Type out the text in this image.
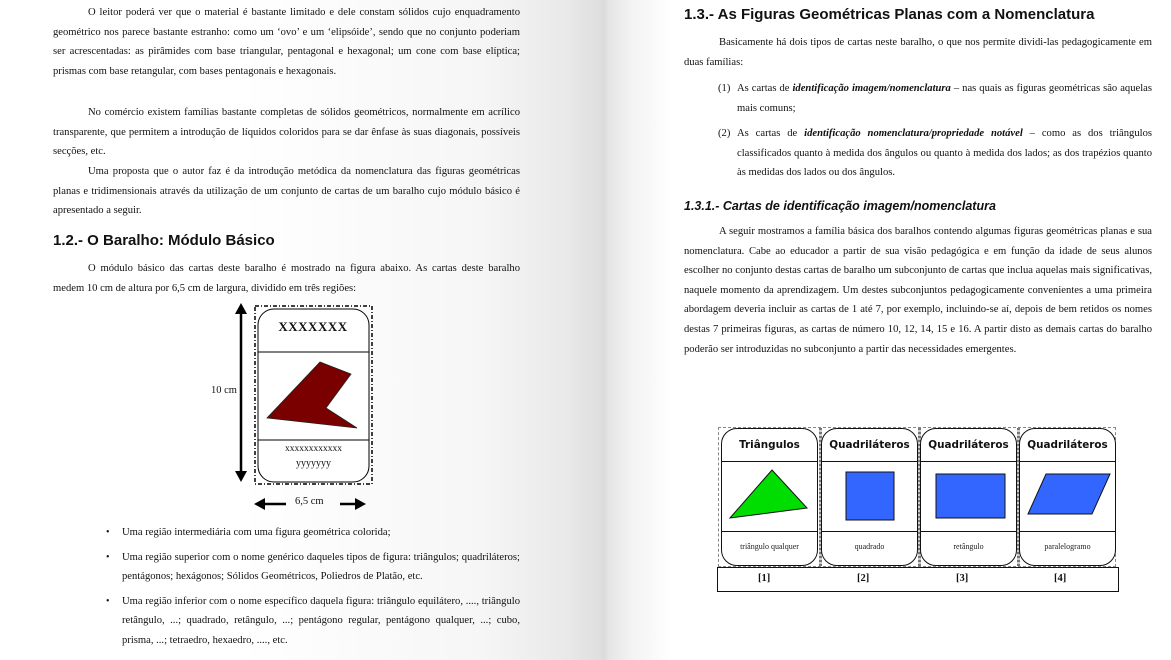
O leitor poderá ver que o material é bastante limitado e dele constam sólidos cujo enquadramento geométrico nos parece bastante estranho: como um ‘ovo’ e um ‘elipsóide’, sendo que no conjunto poderiam ser acrescentadas: as pirâmides com base triangular, pentagonal e hexagonal; um cone com base elíptica; prismas com base retangular, com bases pentagonais e hexagonais.

No comércio existem famílias bastante completas de sólidos geométricos, normalmente em acrílico transparente, que permitem a introdução de líquidos coloridos para se dar ênfase às suas diagonais, possíveis secções, etc.

Uma proposta que o autor faz é da introdução metódica da nomenclatura das figuras geométricas planas e tridimensionais através da utilização de um conjunto de cartas de um baralho cujo módulo básico é apresentado a seguir.

1.2.- O Baralho: Módulo Básico

O módulo básico das cartas deste baralho é mostrado na figura abaixo. As cartas deste baralho medem 10 cm de altura por 6,5 cm de largura, dividido em três regiões:

XXXXXXX
xxxxxxxxxxxx
yyyyyyy
10 cm
6,5 cm
• Uma região intermediária com uma figura geométrica colorida;
• Uma região superior com o nome genérico daqueles tipos de figura: triângulos; quadriláteros; pentágonos; hexágonos; Sólidos Geométricos, Poliedros de Platão, etc.
• Uma região inferior com o nome específico daquela figura: triângulo equilátero, ...., triângulo retângulo, ...; quadrado, retângulo, ...; pentágono regular, pentágono qualquer, ...; cubo, prisma, ...; tetraedro, hexaedro, ...., etc.
1.3.- As Figuras Geométricas Planas com a Nomenclatura

Basicamente há dois tipos de cartas neste baralho, o que nos permite dividi-las pedagogicamente em duas famílias:

(1) As cartas de identificação imagem/nomenclatura – nas quais as figuras geométricas são aquelas mais comuns;
(2) As cartas de identificação nomenclatura/propriedade notável – como as dos triângulos classificados quanto à medida dos ângulos ou quanto à medida dos lados; as dos trapézios quanto às medidas dos lados ou dos ângulos.
1.3.1.- Cartas de identificação imagem/nomenclatura

A seguir mostramos a família básica dos baralhos contendo algumas figuras geométricas planas e sua nomenclatura. Cabe ao educador a partir de sua visão pedagógica e em função da idade de seus alunos escolher no conjunto destas cartas de baralho um subconjunto de cartas que inclua aquelas mais significativas, naquele momento da aprendizagem. Um destes subconjuntos pedagogicamente convenientes a uma primeira abordagem deveria incluir as cartas de 1 até 7, por exemplo, incluindo-se aí, depois de bem retidos os nomes destas 7 primeiras figuras, as cartas de número 10, 12, 14, 15 e 16. A partir disto as demais cartas do baralho poderão ser introduzidas no subconjunto a partir das necessidades emergentes.

Triângulos
triângulo qualquer
Quadriláteros
quadrado
Quadriláteros
retângulo
Quadriláteros
paralelogramo
[1]	[2]	[3]	[4]
